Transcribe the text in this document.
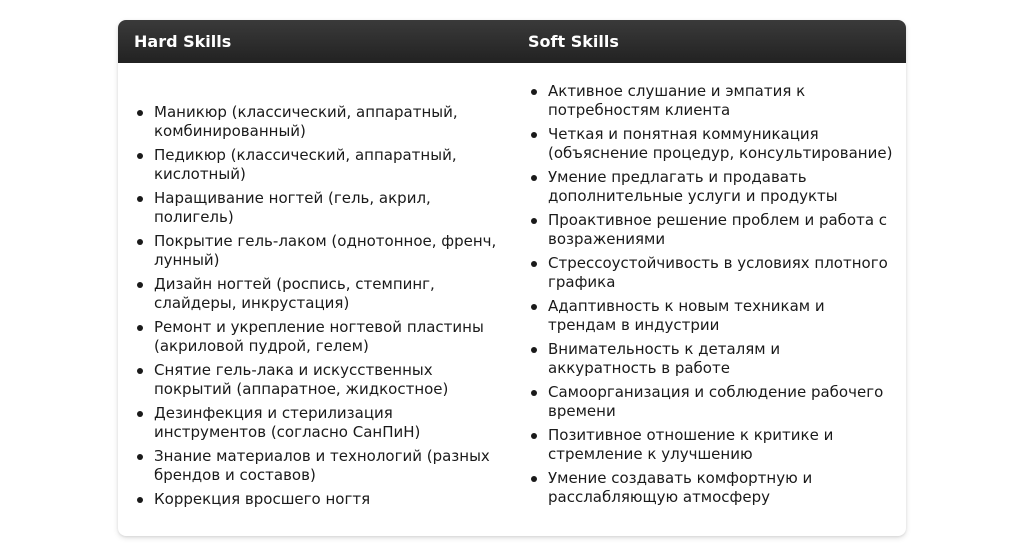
Hard Skills	Soft Skills
Маникюр (классический, аппаратный, комбинированный)
Педикюр (классический, аппаратный, кислотный)
Наращивание ногтей (гель, акрил, полигель)
Покрытие гель-лаком (однотонное, френч, лунный)
Дизайн ногтей (роспись, стемпинг, слайдеры, инкрустация)
Ремонт и укрепление ногтевой пластины (акриловой пудрой, гелем)
Снятие гель-лака и искусственных покрытий (аппаратное, жидкостное)
Дезинфекция и стерилизация инструментов (согласно СанПиН)
Знание материалов и технологий (разных брендов и составов)
Коррекция вросшего ногтя
Активное слушание и эмпатия к потребностям клиента
Четкая и понятная коммуникация (объяснение процедур, консультирование)
Умение предлагать и продавать дополнительные услуги и продукты
Проактивное решение проблем и работа с возражениями
Стрессоустойчивость в условиях плотного графика
Адаптивность к новым техникам и трендам в индустрии
Внимательность к деталям и аккуратность в работе
Самоорганизация и соблюдение рабочего времени
Позитивное отношение к критике и стремление к улучшению
Умение создавать комфортную и расслабляющую атмосферу
